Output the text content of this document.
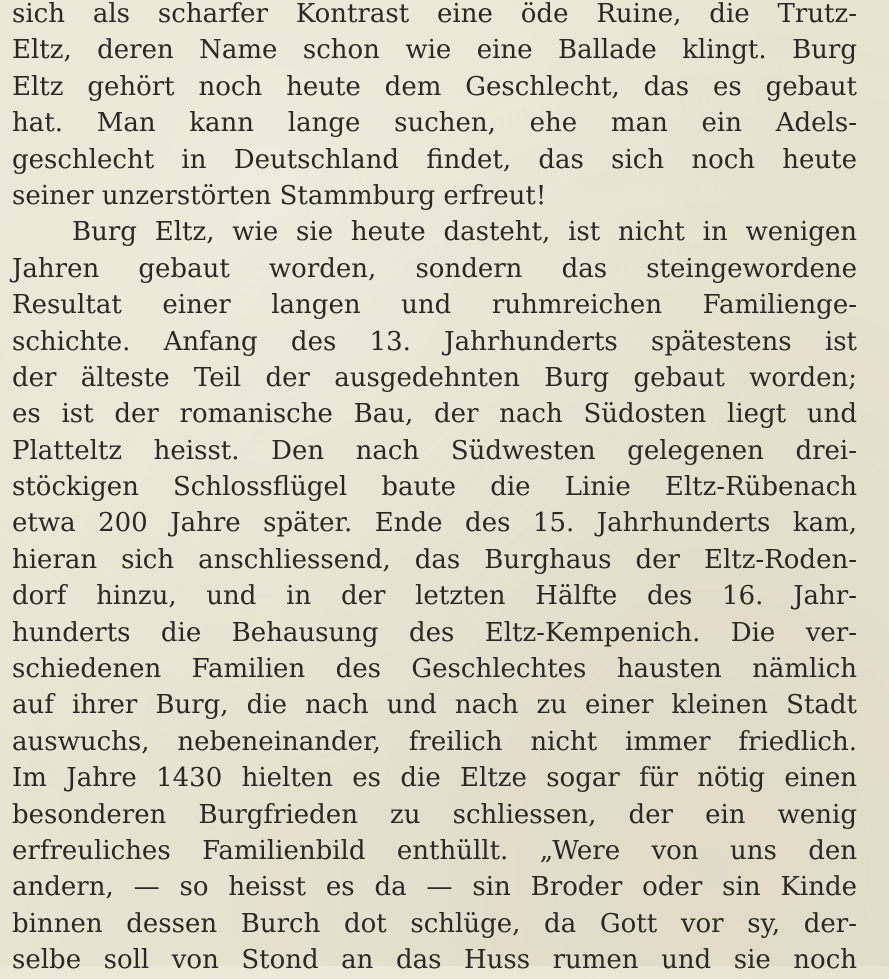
sich als scharfer Kontrast eine öde Ruine, die Trutz-
Eltz, deren Name schon wie eine Ballade klingt. Burg
Eltz gehört noch heute dem Geschlecht, das es gebaut
hat. Man kann lange suchen, ehe man ein Adels-
geschlecht in Deutschland findet, das sich noch heute
seiner unzerstörten Stammburg erfreut!
Burg Eltz, wie sie heute dasteht, ist nicht in wenigen
Jahren gebaut worden, sondern das steingewordene
Resultat einer langen und ruhmreichen Familienge-
schichte. Anfang des 13. Jahrhunderts spätestens ist
der älteste Teil der ausgedehnten Burg gebaut worden;
es ist der romanische Bau, der nach Südosten liegt und
Platteltz heisst. Den nach Südwesten gelegenen drei-
stöckigen Schlossflügel baute die Linie Eltz-Rübenach
etwa 200 Jahre später. Ende des 15. Jahrhunderts kam,
hieran sich anschliessend, das Burghaus der Eltz-Roden-
dorf hinzu, und in der letzten Hälfte des 16. Jahr-
hunderts die Behausung des Eltz-Kempenich. Die ver-
schiedenen Familien des Geschlechtes hausten nämlich
auf ihrer Burg, die nach und nach zu einer kleinen Stadt
auswuchs, nebeneinander, freilich nicht immer friedlich.
Im Jahre 1430 hielten es die Eltze sogar für nötig einen
besonderen Burgfrieden zu schliessen, der ein wenig
erfreuliches Familienbild enthüllt. „Were von uns den
andern, — so heisst es da — sin Broder oder sin Kinde
binnen dessen Burch dot schlüge, da Gott vor sy, der-
selbe soll von Stond an das Huss rumen und sie noch
